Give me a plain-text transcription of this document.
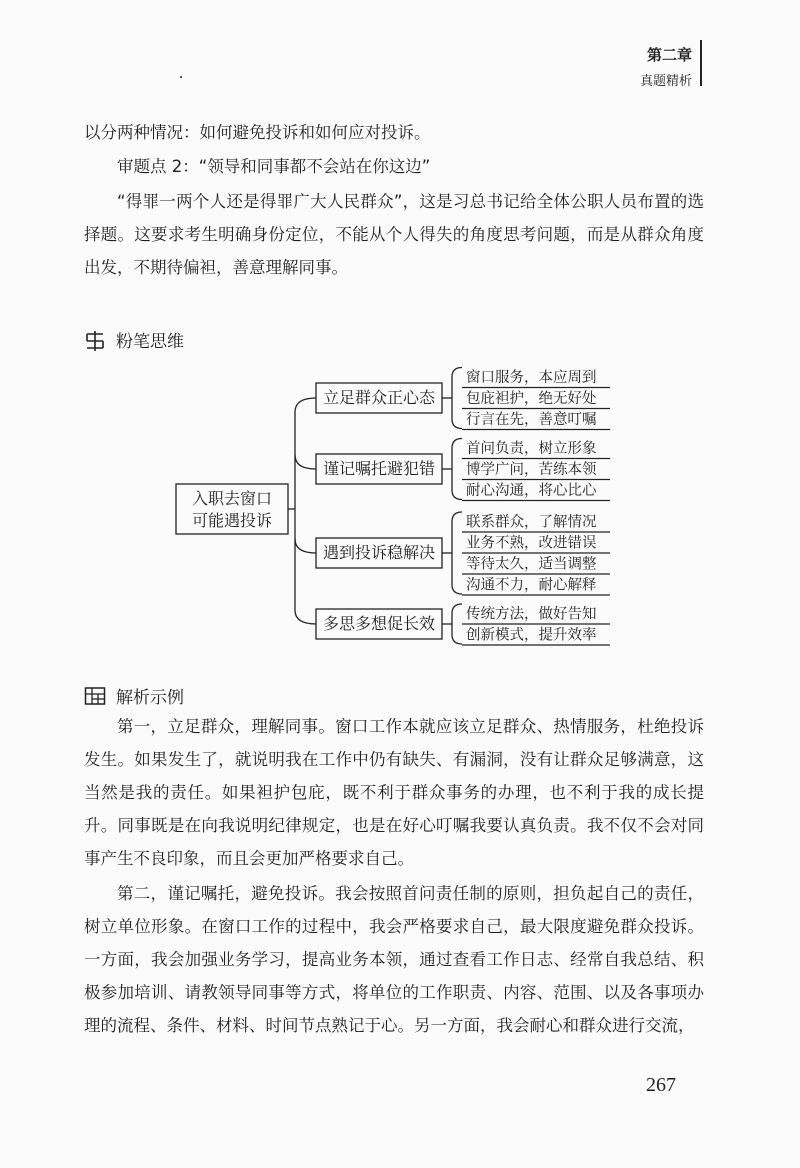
第二章
真题精析

以分两种情况：如何避免投诉和如何应对投诉。

审题点 2：“领导和同事都不会站在你这边”

“得罪一两个人还是得罪广大人民群众”，这是习总书记给全体公职人员布置的选择题。这要求考生明确身份定位，不能从个人得失的角度思考问题，而是从群众角度出发，不期待偏袒，善意理解同事。

粉笔思维
入职去窗口
可能遇投诉
立足群众正心态
窗口服务，本应周到
包庇袒护，绝无好处
行言在先，善意叮嘱
谨记嘱托避犯错
首问负责，树立形象
博学广问，苦练本领
耐心沟通，将心比心
遇到投诉稳解决
联系群众，了解情况
业务不熟，改进错误
等待太久，适当调整
沟通不力，耐心解释
多思多想促长效 传统方法，做好告知
创新模式，提升效率
解析示例

第一，立足群众，理解同事。窗口工作本就应该立足群众、热情服务，杜绝投诉发生。如果发生了，就说明我在工作中仍有缺失、有漏洞，没有让群众足够满意，这当然是我的责任。如果袒护包庇，既不利于群众事务的办理，也不利于我的成长提升。同事既是在向我说明纪律规定，也是在好心叮嘱我要认真负责。我不仅不会对同事产生不良印象，而且会更加严格要求自己。

第二，谨记嘱托，避免投诉。我会按照首问责任制的原则，担负起自己的责任，树立单位形象。在窗口工作的过程中，我会严格要求自己，最大限度避免群众投诉。一方面，我会加强业务学习，提高业务本领，通过查看工作日志、经常自我总结、积极参加培训、请教领导同事等方式，将单位的工作职责、内容、范围、以及各事项办理的流程、条件、材料、时间节点熟记于心。另一方面，我会耐心和群众进行交流，

267
